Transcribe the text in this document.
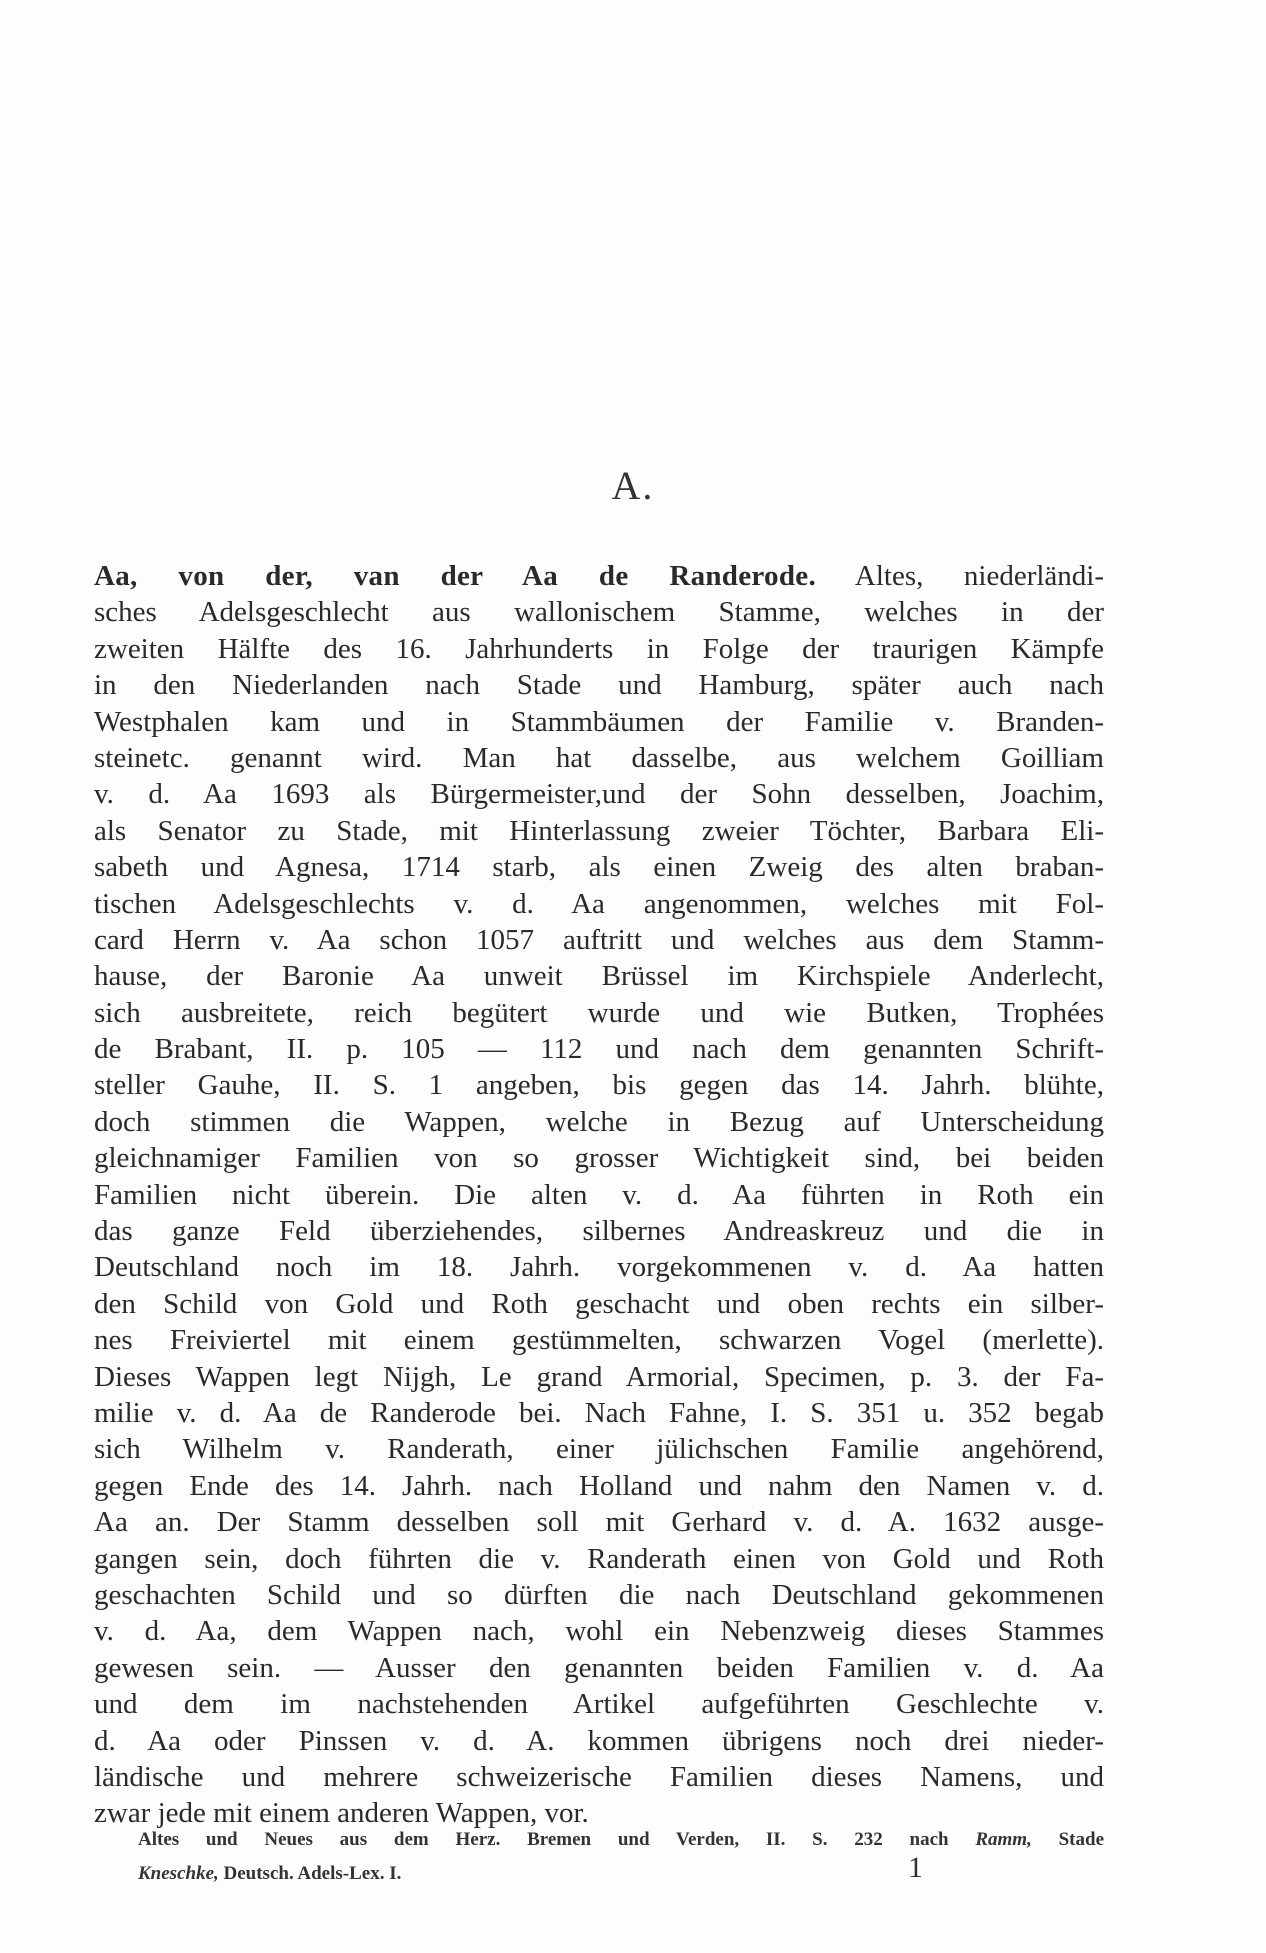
A.
Aa, von der, van der Aa de Randerode. Altes, niederländi-
sches Adelsgeschlecht aus wallonischem Stamme, welches in der
zweiten Hälfte des 16. Jahrhunderts in Folge der traurigen Kämpfe
in den Niederlanden nach Stade und Hamburg, später auch nach
Westphalen kam und in Stammbäumen der Familie v. Branden-
steinetc. genannt wird. Man hat dasselbe, aus welchem Goilliam
v. d. Aa 1693 als Bürgermeister,und der Sohn desselben, Joachim,
als Senator zu Stade, mit Hinterlassung zweier Töchter, Barbara Eli-
sabeth und Agnesa, 1714 starb, als einen Zweig des alten braban-
tischen Adelsgeschlechts v. d. Aa angenommen, welches mit Fol-
card Herrn v. Aa schon 1057 auftritt und welches aus dem Stamm-
hause, der Baronie Aa unweit Brüssel im Kirchspiele Anderlecht,
sich ausbreitete, reich begütert wurde und wie Butken, Trophées
de Brabant, II. p. 105 — 112 und nach dem genannten Schrift-
steller Gauhe, II. S. 1 angeben, bis gegen das 14. Jahrh. blühte,
doch stimmen die Wappen, welche in Bezug auf Unterscheidung
gleichnamiger Familien von so grosser Wichtigkeit sind, bei beiden
Familien nicht überein. Die alten v. d. Aa führten in Roth ein
das ganze Feld überziehendes, silbernes Andreaskreuz und die in
Deutschland noch im 18. Jahrh. vorgekommenen v. d. Aa hatten
den Schild von Gold und Roth geschacht und oben rechts ein silber-
nes Freiviertel mit einem gestümmelten, schwarzen Vogel (merlette).
Dieses Wappen legt Nijgh, Le grand Armorial, Specimen, p. 3. der Fa-
milie v. d. Aa de Randerode bei. Nach Fahne, I. S. 351 u. 352 begab
sich Wilhelm v. Randerath, einer jülichschen Familie angehörend,
gegen Ende des 14. Jahrh. nach Holland und nahm den Namen v. d.
Aa an. Der Stamm desselben soll mit Gerhard v. d. A. 1632 ausge-
gangen sein, doch führten die v. Randerath einen von Gold und Roth
geschachten Schild und so dürften die nach Deutschland gekommenen
v. d. Aa, dem Wappen nach, wohl ein Nebenzweig dieses Stammes
gewesen sein. — Ausser den genannten beiden Familien v. d. Aa
und dem im nachstehenden Artikel aufgeführten Geschlechte v.
d. Aa oder Pinssen v. d. A. kommen übrigens noch drei nieder-
ländische und mehrere schweizerische Familien dieses Namens, und
zwar jede mit einem anderen Wappen, vor.
Altes und Neues aus dem Herz. Bremen und Verden, II. S. 232 nach Ramm, Stade
Kneschke, Deutsch. Adels-Lex. I.	1
